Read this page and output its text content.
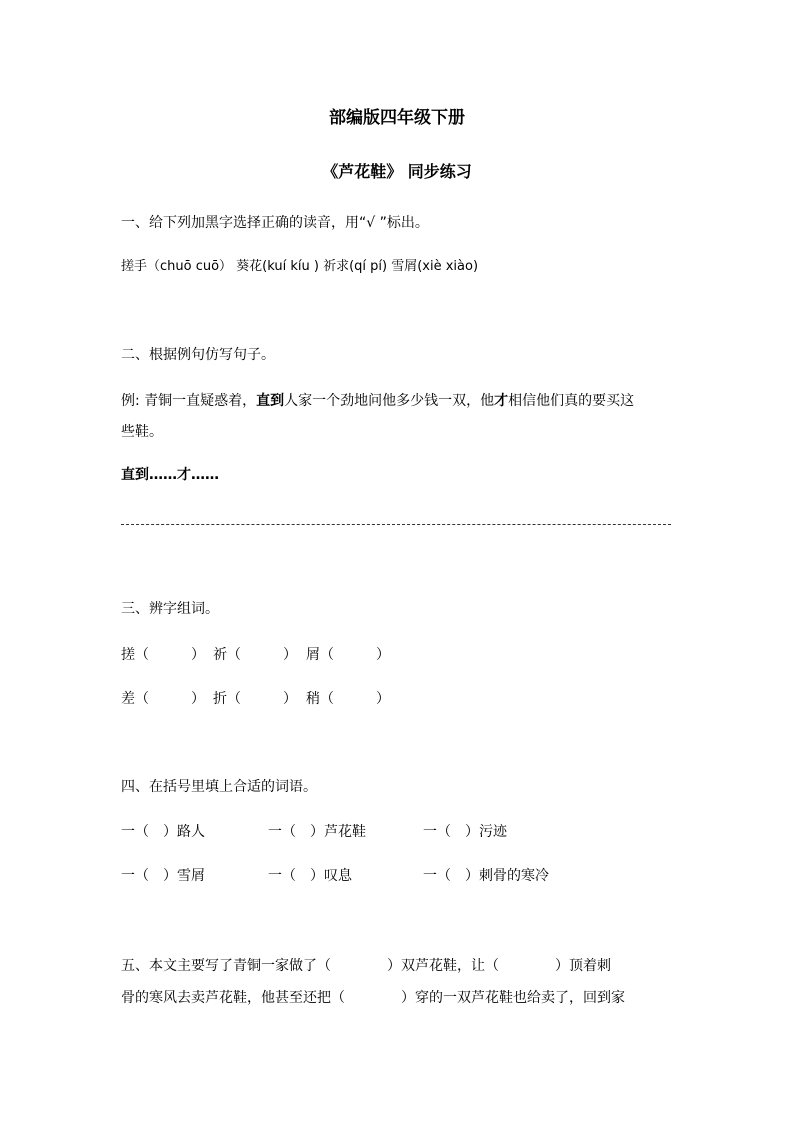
部编版四年级下册
《芦花鞋》 同步练习
一、给下列加黑字选择正确的读音，用“√ ”标出。
搓手（chuō cuō） 葵花(kuí kíu ) 祈求(qí pí) 雪屑(xiè xiào)
二、根据例句仿写句子。
例: 青铜一直疑惑着，直到人家一个劲地问他多少钱一双，他才相信他们真的要买这
些鞋。
直到……才……
三、辨字组词。
搓（　　　） 祈（　　　） 屑（　　　）
差（　　　） 折（　　　） 稍（　　　）
四、在括号里填上合适的词语。
一（　）路人	一（　）芦花鞋	一（　）污迹
一（　）雪屑	一（　）叹息	一（　）刺骨的寒冷
五、本文主要写了青铜一家做了（　　　　）双芦花鞋，让（　　　　）顶着刺
骨的寒风去卖芦花鞋，他甚至还把（　　　　）穿的一双芦花鞋也给卖了，回到家
